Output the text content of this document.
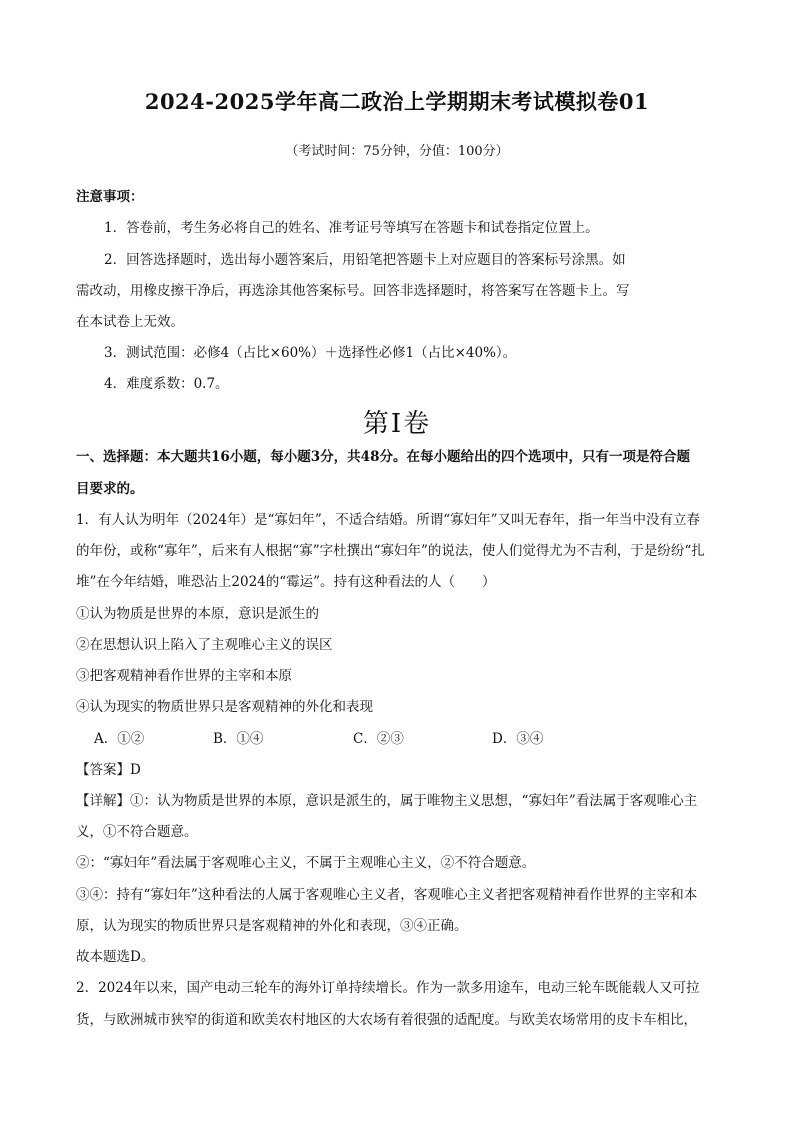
2024-2025学年高二政治上学期期末考试模拟卷01
（考试时间：75分钟，分值：100分）
注意事项：
1．答卷前，考生务必将自己的姓名、准考证号等填写在答题卡和试卷指定位置上。
2．回答选择题时，选出每小题答案后，用铅笔把答题卡上对应题目的答案标号涂黑。如
需改动，用橡皮擦干净后，再选涂其他答案标号。回答非选择题时，将答案写在答题卡上。写
在本试卷上无效。
3．测试范围：必修4（占比×60%）＋选择性必修1（占比×40%）。
4．难度系数：0.7。
第Ⅰ卷
一、选择题：本大题共16小题，每小题3分，共48分。在每小题给出的四个选项中，只有一项是符合题
目要求的。
1．有人认为明年（2024年）是“寡妇年”，不适合结婚。所谓“寡妇年”又叫无春年，指一年当中没有立春
的年份，或称“寡年”，后来有人根据“寡”字杜撰出“寡妇年”的说法，使人们觉得尤为不吉利，于是纷纷“扎
堆”在今年结婚，唯恐沾上2024的“霉运”。持有这种看法的人（　　）
①认为物质是世界的本原，意识是派生的
②在思想认识上陷入了主观唯心主义的误区
③把客观精神看作世界的主宰和本原
④认为现实的物质世界只是客观精神的外化和表现
A．①②	B．①④	C．②③	D．③④
【答案】D
【详解】①：认为物质是世界的本原，意识是派生的，属于唯物主义思想，“寡妇年”看法属于客观唯心主
义，①不符合题意。
②：“寡妇年”看法属于客观唯心主义，不属于主观唯心主义，②不符合题意。
③④：持有“寡妇年”这种看法的人属于客观唯心主义者，客观唯心主义者把客观精神看作世界的主宰和本
原，认为现实的物质世界只是客观精神的外化和表现，③④正确。
故本题选D。
2．2024年以来，国产电动三轮车的海外订单持续增长。作为一款多用途车，电动三轮车既能载人又可拉
货，与欧洲城市狭窄的街道和欧美农村地区的大农场有着很强的适配度。与欧美农场常用的皮卡车相比，
